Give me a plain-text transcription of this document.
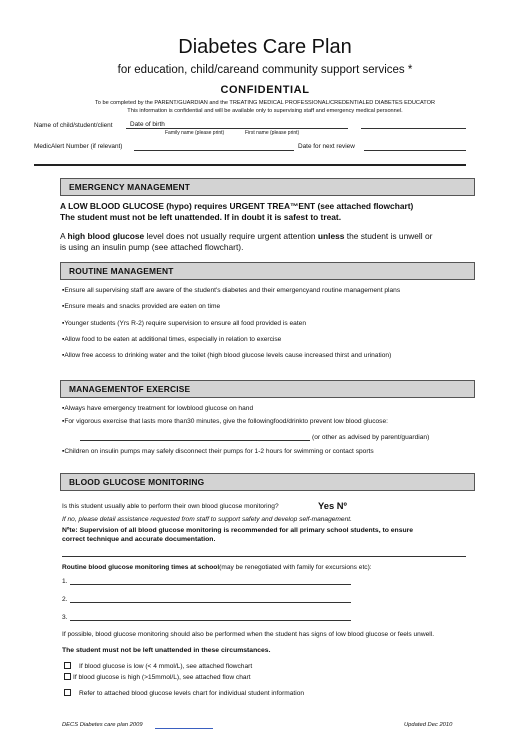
Diabetes Care Plan
for education, child/careand community support services *
CONFIDENTIAL
To be completed by the PARENT/GUARDIAN and the TREATING MEDICAL PROFESSIONAL/CREDENTIALED DIABETES EDUCATOR
This information is confidential and will be available only to supervising staff and emergency medical personnel.
Name of child/student/client	Date of birth
Family name (please print)	First name (please print)
MedicAlert Number (if relevant)	Date for next review
EMERGENCY MANAGEMENT
A LOW BLOOD GLUCOSE (hypo) requires URGENT TREA™ENT (see attached flowchart)
The student must not be left unattended. If in doubt it is safest to treat.
A high blood glucose level does not usually require urgent attention unless the student is unwell or
is using an insulin pump (see attached flowchart).
ROUTINE MANAGEMENT
▪Ensure all supervising staff are aware of the student's diabetes and their emergencyand routine management plans
▪Ensure meals and snacks provided are eaten on time
▪Younger students (Yrs R-2) require supervision to ensure all food provided is eaten
▪Allow food to be eaten at additional times, especially in relation to exercise
▪Allow free access to drinking water and the toilet (high blood glucose levels cause increased thirst and urination)
MANAGEMENTOF EXERCISE
▪Always have emergency treatment for lowblood glucose on hand
▪For vigorous exercise that lasts more than30 minutes, give the followingfood/drinkto prevent low blood glucose:
(or other as advised by parent/guardian)
▪Children on insulin pumps may safely disconnect their pumps for 1-2 hours for swimming or contact sports
BLOOD GLUCOSE MONITORING
Is this student usually able to perform their own blood glucose monitoring?	Yes Nº
If no, please detail assistance requested from staff to support safety and develop self-management.
Nºte: Supervision of all blood glucose monitoring is recommended for all primary school students, to ensure
correct technique and accurate documentation.
Routine blood glucose monitoring times at school(may be renegotiated with family for excursions etc):
1.
2.
3.
If possible, blood glucose monitoring should also be performed when the student has signs of low blood glucose or feels unwell.
The student must not be left unattended in these circumstances.
If blood glucose is low (< 4 mmol/L), see attached flowchart
If blood glucose is high (>15mmol/L), see attached flow chart
Refer to attached blood glucose levels chart for individual student information
DECS Diabetes care plan 2009	Updated Dec 2010
